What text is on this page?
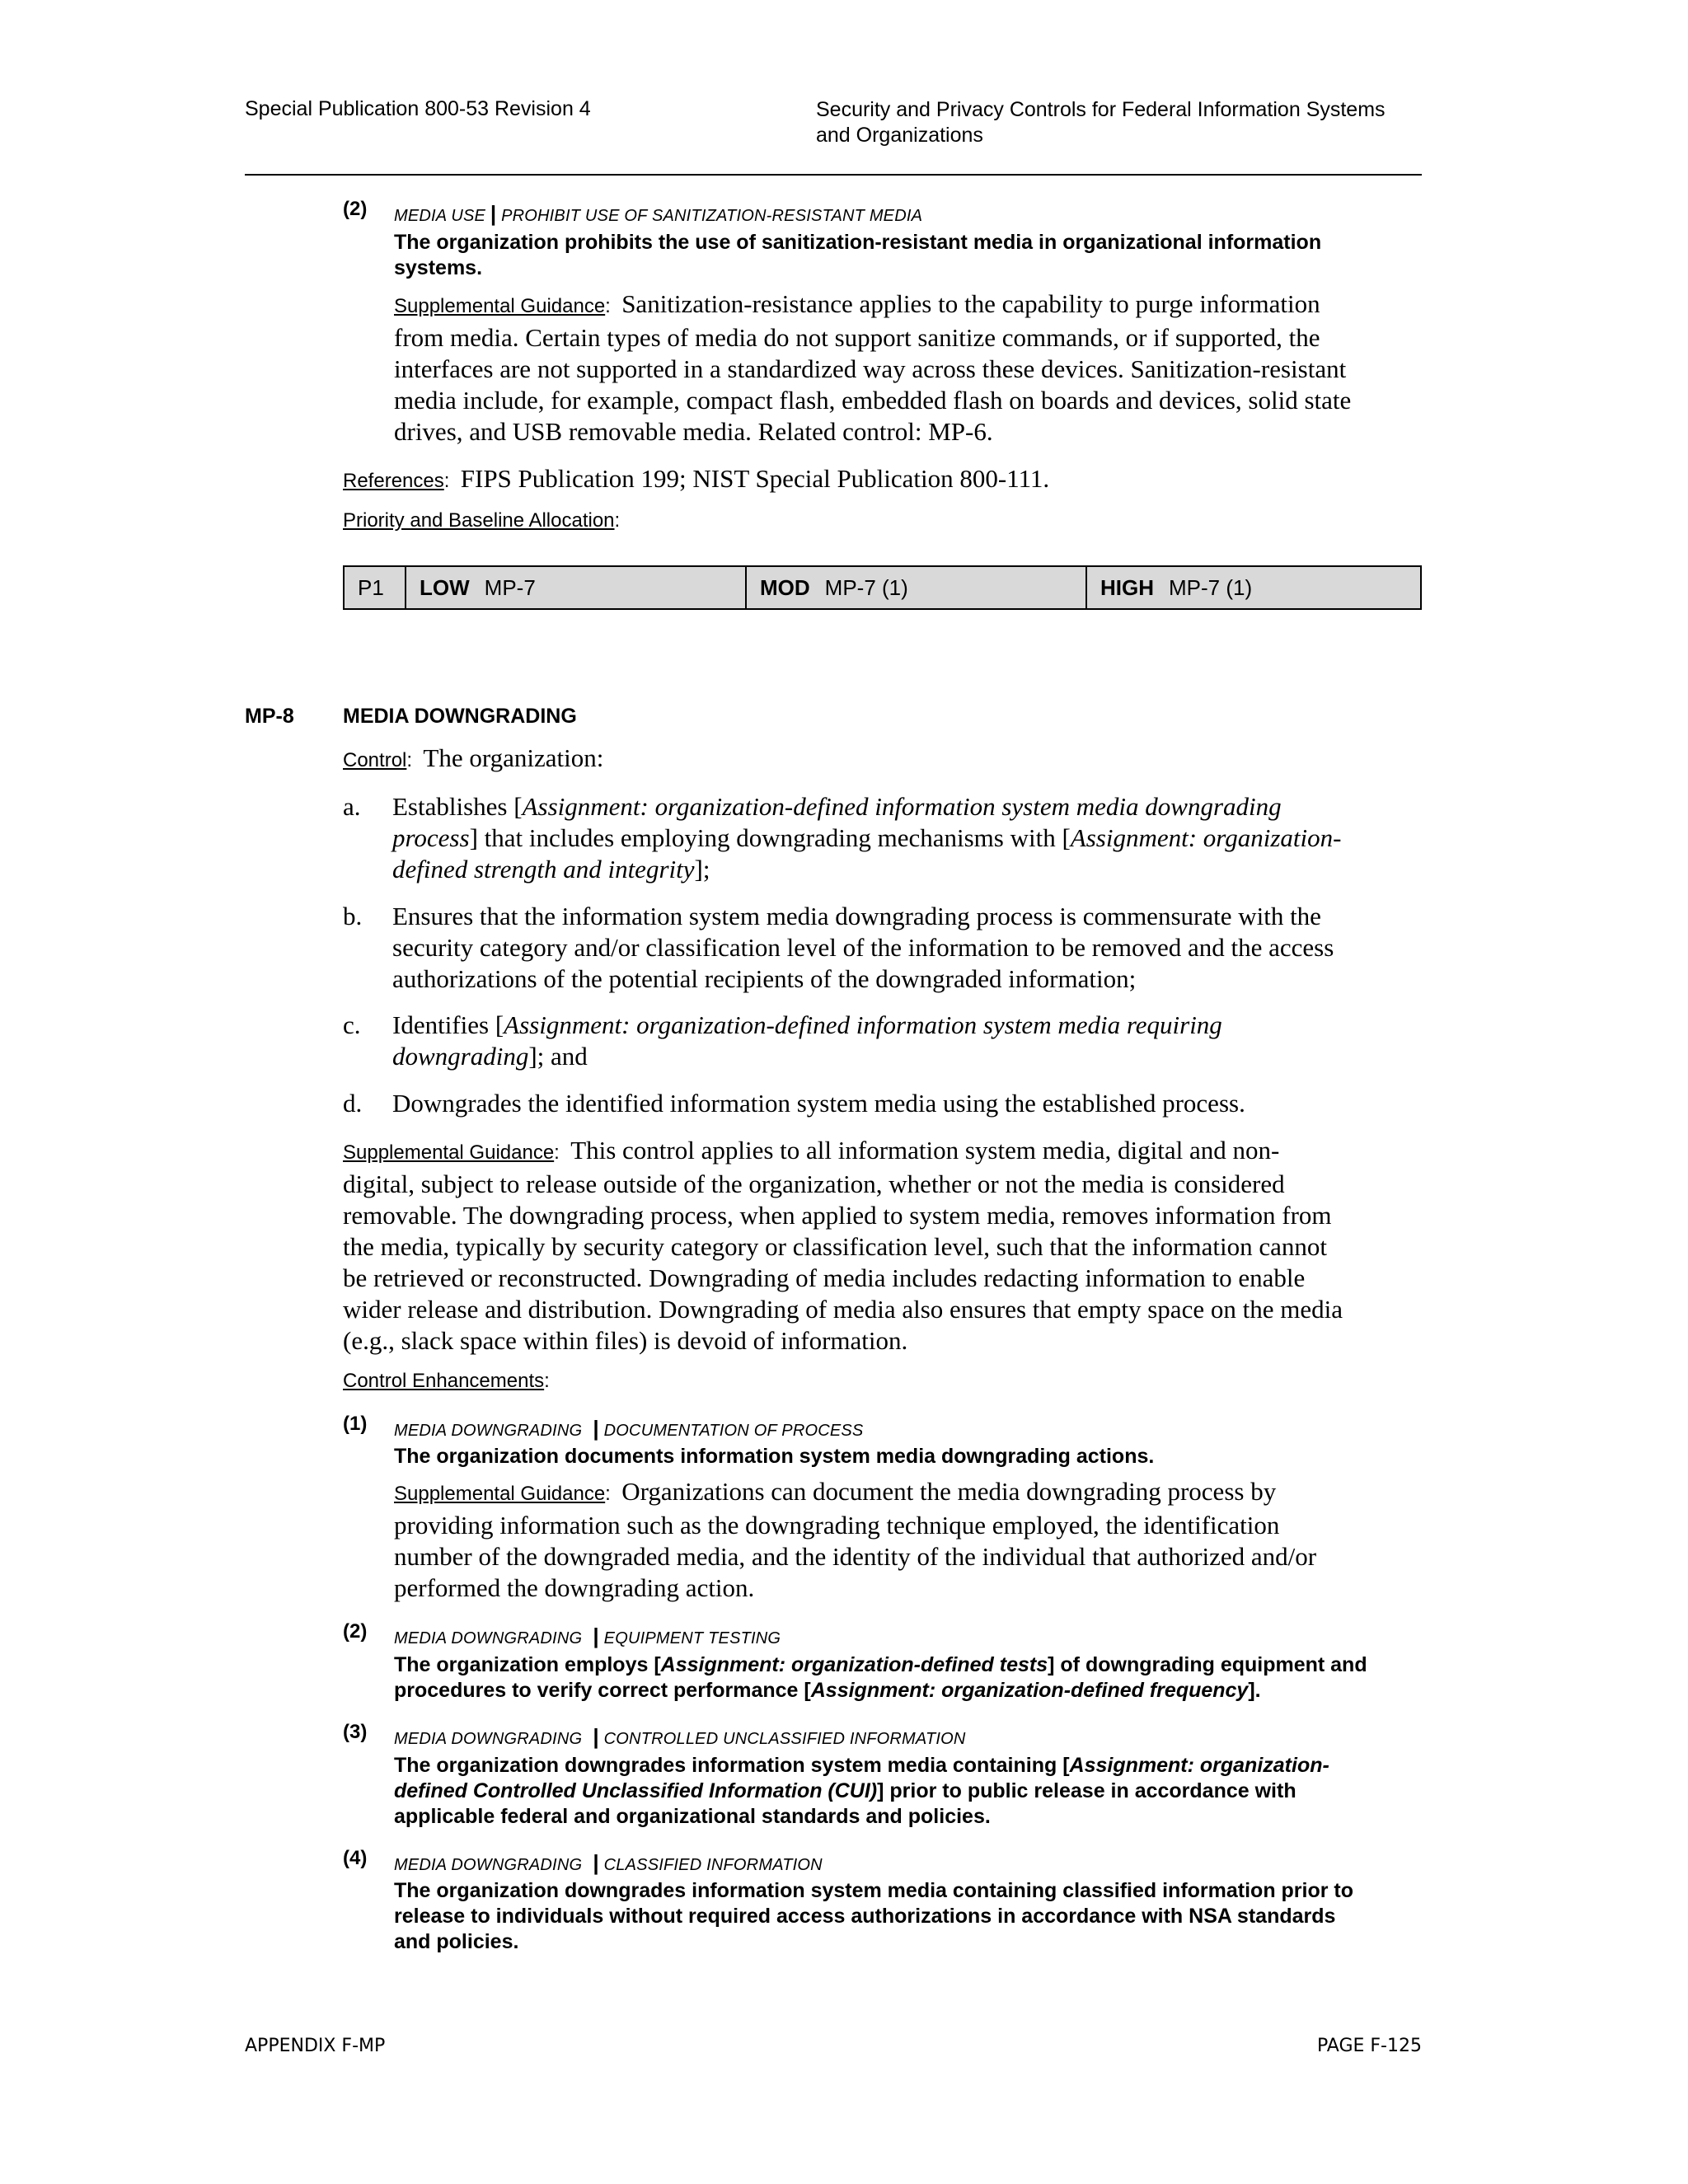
Special Publication 800-53 Revision 4	Security and Privacy Controls for Federal Information Systems
and Organizations
(2) MEDIA USE | PROHIBIT USE OF SANITIZATION-RESISTANT MEDIA
The organization prohibits the use of sanitization-resistant media in organizational information
systems.
Supplemental Guidance:  Sanitization-resistance applies to the capability to purge information
from media. Certain types of media do not support sanitize commands, or if supported, the
interfaces are not supported in a standardized way across these devices. Sanitization-resistant
media include, for example, compact flash, embedded flash on boards and devices, solid state
drives, and USB removable media. Related control: MP-6.
References:  FIPS Publication 199; NIST Special Publication 800-111.
Priority and Baseline Allocation:
P1	LOW MP-7	MOD MP-7 (1)	HIGH MP-7 (1)
MP-8 MEDIA DOWNGRADING
Control:  The organization:
a. Establishes [Assignment: organization-defined information system media downgrading
process] that includes employing downgrading mechanisms with [Assignment: organization-
defined strength and integrity];
b. Ensures that the information system media downgrading process is commensurate with the
security category and/or classification level of the information to be removed and the access
authorizations of the potential recipients of the downgraded information;
c. Identifies [Assignment: organization-defined information system media requiring
downgrading]; and
d. Downgrades the identified information system media using the established process.
Supplemental Guidance:  This control applies to all information system media, digital and non-
digital, subject to release outside of the organization, whether or not the media is considered
removable. The downgrading process, when applied to system media, removes information from
the media, typically by security category or classification level, such that the information cannot
be retrieved or reconstructed. Downgrading of media includes redacting information to enable
wider release and distribution. Downgrading of media also ensures that empty space on the media
(e.g., slack space within files) is devoid of information.
Control Enhancements:
(1) MEDIA DOWNGRADING  | DOCUMENTATION OF PROCESS
The organization documents information system media downgrading actions.
Supplemental Guidance:  Organizations can document the media downgrading process by
providing information such as the downgrading technique employed, the identification
number of the downgraded media, and the identity of the individual that authorized and/or
performed the downgrading action.
(2) MEDIA DOWNGRADING  | EQUIPMENT TESTING
The organization employs [Assignment: organization-defined tests] of downgrading equipment and
procedures to verify correct performance [Assignment: organization-defined frequency].
(3) MEDIA DOWNGRADING  | CONTROLLED UNCLASSIFIED INFORMATION
The organization downgrades information system media containing [Assignment: organization-
defined Controlled Unclassified Information (CUI)] prior to public release in accordance with
applicable federal and organizational standards and policies.
(4) MEDIA DOWNGRADING  | CLASSIFIED INFORMATION
The organization downgrades information system media containing classified information prior to
release to individuals without required access authorizations in accordance with NSA standards
and policies.
APPENDIX F-MP	PAGE F-125
